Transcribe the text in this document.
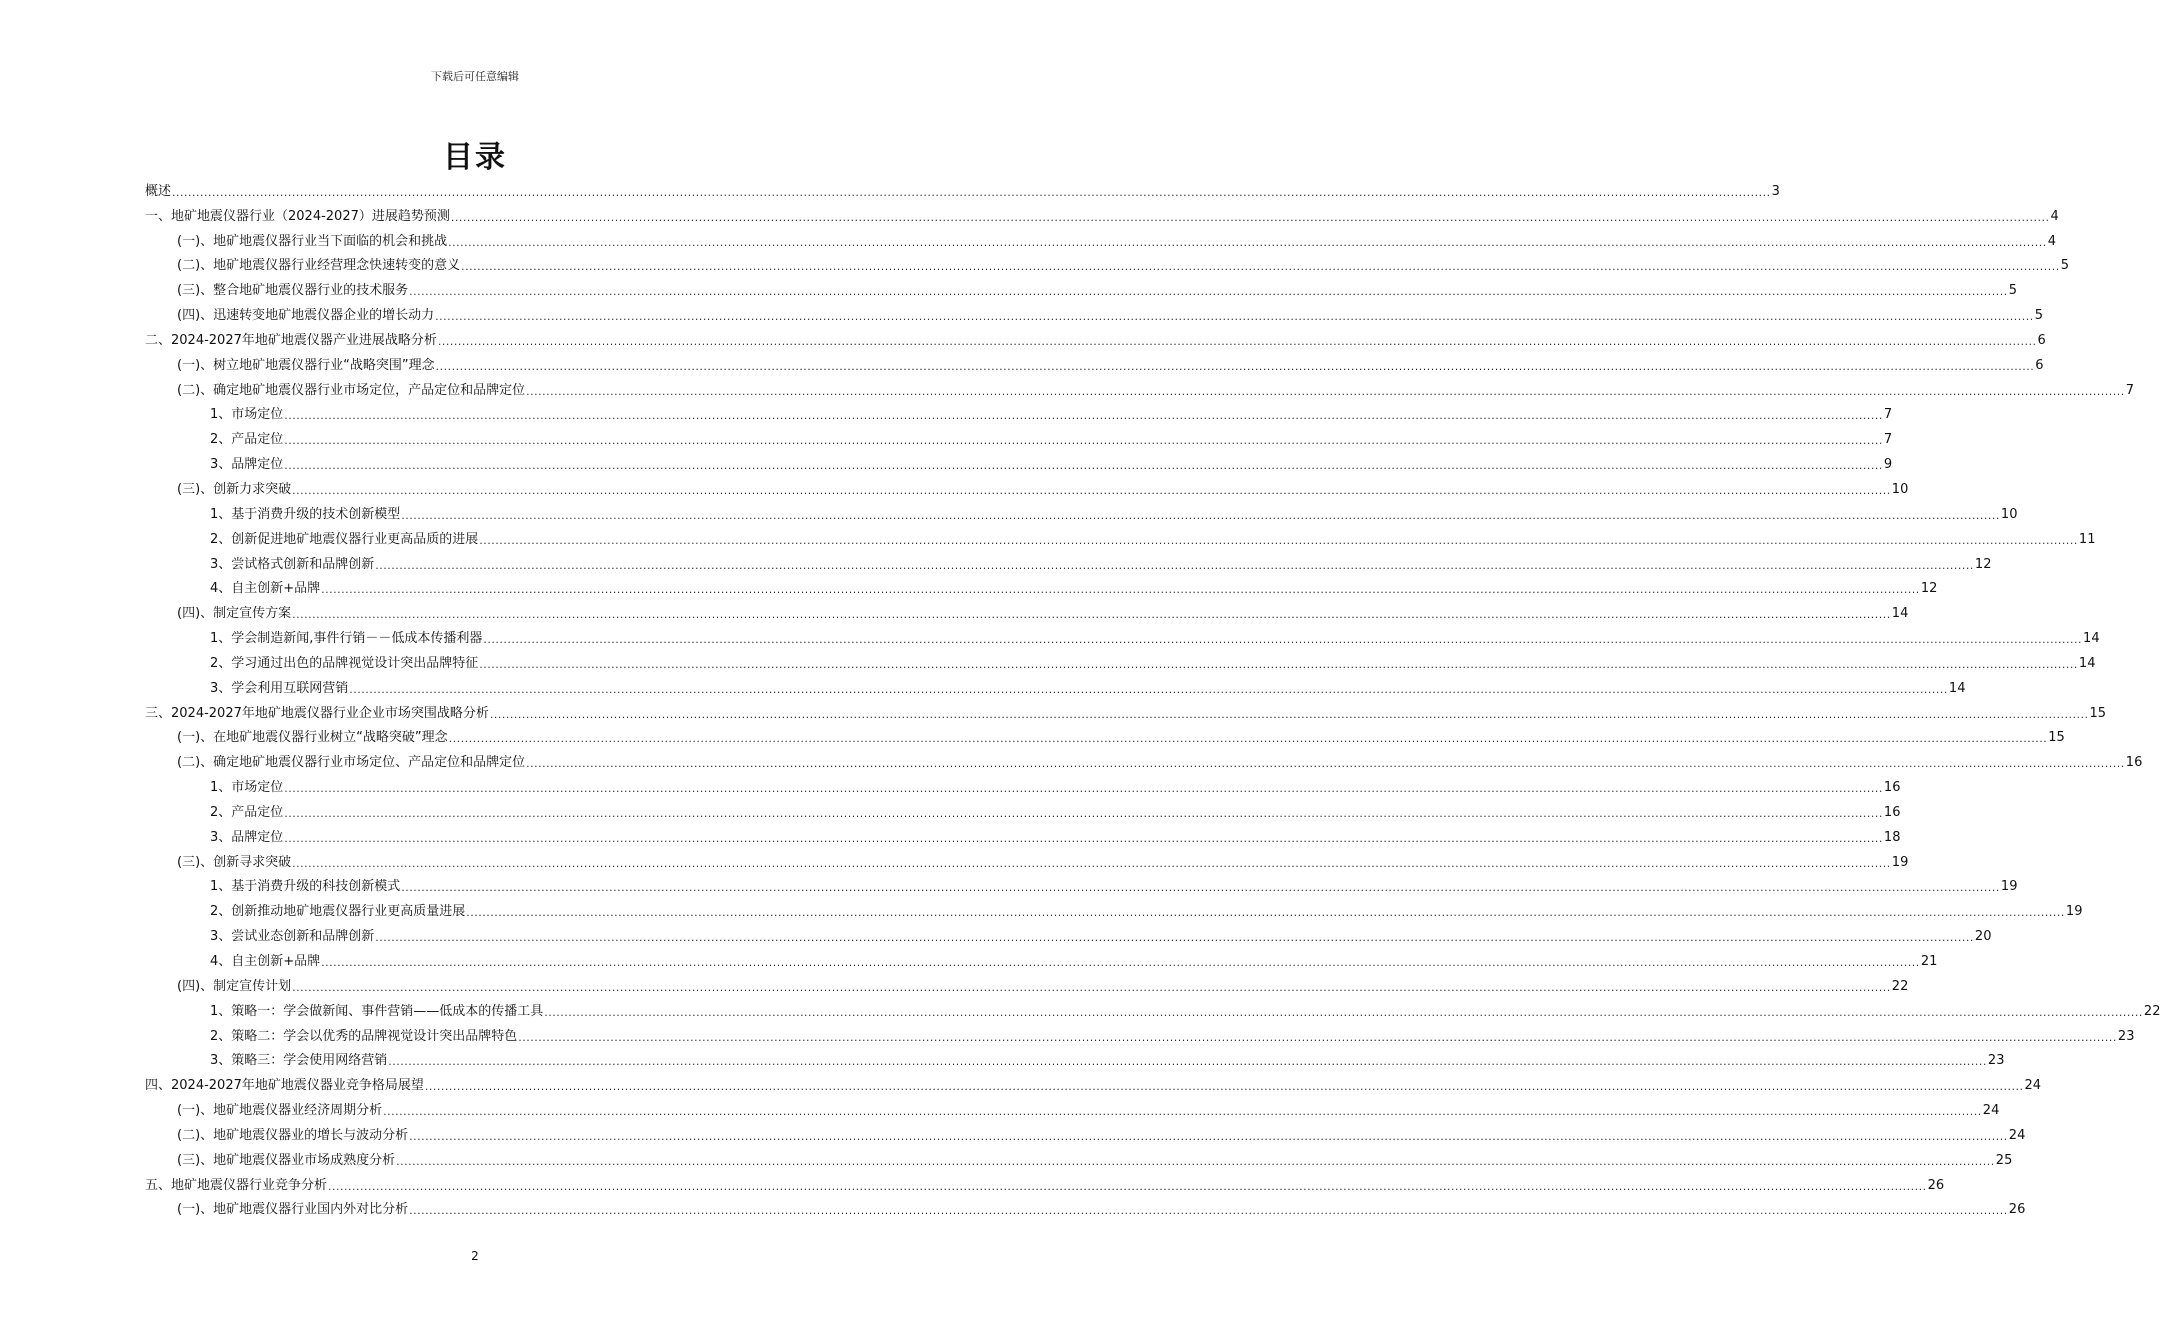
下载后可任意编辑
目录
概述 ................................................................................................................................................................................................................................................................................................................................................................................................................ 3
一、地矿地震仪器行业（2024-2027）进展趋势预测 ................................................................................................................................................................................................................................................................................................................................................................................................................ 4
(一)、地矿地震仪器行业当下面临的机会和挑战 ................................................................................................................................................................................................................................................................................................................................................................................................................ 4
(二)、地矿地震仪器行业经营理念快速转变的意义 ................................................................................................................................................................................................................................................................................................................................................................................................................ 5
(三)、整合地矿地震仪器行业的技术服务 ................................................................................................................................................................................................................................................................................................................................................................................................................ 5
(四)、迅速转变地矿地震仪器企业的增长动力 ................................................................................................................................................................................................................................................................................................................................................................................................................ 5
二、2024-2027年地矿地震仪器产业进展战略分析 ................................................................................................................................................................................................................................................................................................................................................................................................................ 6
(一)、树立地矿地震仪器行业“战略突围”理念 ................................................................................................................................................................................................................................................................................................................................................................................................................ 6
(二)、确定地矿地震仪器行业市场定位，产品定位和品牌定位 ................................................................................................................................................................................................................................................................................................................................................................................................................ 7
1、市场定位 ................................................................................................................................................................................................................................................................................................................................................................................................................ 7
2、产品定位 ................................................................................................................................................................................................................................................................................................................................................................................................................ 7
3、品牌定位 ................................................................................................................................................................................................................................................................................................................................................................................................................ 9
(三)、创新力求突破 ................................................................................................................................................................................................................................................................................................................................................................................................................ 10
1、基于消费升级的技术创新模型 ................................................................................................................................................................................................................................................................................................................................................................................................................ 10
2、创新促进地矿地震仪器行业更高品质的进展 ................................................................................................................................................................................................................................................................................................................................................................................................................ 11
3、尝试格式创新和品牌创新 ................................................................................................................................................................................................................................................................................................................................................................................................................ 12
4、自主创新+品牌 ................................................................................................................................................................................................................................................................................................................................................................................................................ 12
(四)、制定宣传方案 ................................................................................................................................................................................................................................................................................................................................................................................................................ 14
1、学会制造新闻,事件行销－－低成本传播利器 ................................................................................................................................................................................................................................................................................................................................................................................................................ 14
2、学习通过出色的品牌视觉设计突出品牌特征 ................................................................................................................................................................................................................................................................................................................................................................................................................ 14
3、学会利用互联网营销 ................................................................................................................................................................................................................................................................................................................................................................................................................ 14
三、2024-2027年地矿地震仪器行业企业市场突围战略分析 ................................................................................................................................................................................................................................................................................................................................................................................................................ 15
(一)、在地矿地震仪器行业树立“战略突破”理念 ................................................................................................................................................................................................................................................................................................................................................................................................................ 15
(二)、确定地矿地震仪器行业市场定位、产品定位和品牌定位 ................................................................................................................................................................................................................................................................................................................................................................................................................ 16
1、市场定位 ................................................................................................................................................................................................................................................................................................................................................................................................................ 16
2、产品定位 ................................................................................................................................................................................................................................................................................................................................................................................................................ 16
3、品牌定位 ................................................................................................................................................................................................................................................................................................................................................................................................................ 18
(三)、创新寻求突破 ................................................................................................................................................................................................................................................................................................................................................................................................................ 19
1、基于消费升级的科技创新模式 ................................................................................................................................................................................................................................................................................................................................................................................................................ 19
2、创新推动地矿地震仪器行业更高质量进展 ................................................................................................................................................................................................................................................................................................................................................................................................................ 19
3、尝试业态创新和品牌创新 ................................................................................................................................................................................................................................................................................................................................................................................................................ 20
4、自主创新+品牌 ................................................................................................................................................................................................................................................................................................................................................................................................................ 21
(四)、制定宣传计划 ................................................................................................................................................................................................................................................................................................................................................................................................................ 22
1、策略一：学会做新闻、事件营销——低成本的传播工具 ................................................................................................................................................................................................................................................................................................................................................................................................................ 22
2、策略二：学会以优秀的品牌视觉设计突出品牌特色 ................................................................................................................................................................................................................................................................................................................................................................................................................ 23
3、策略三：学会使用网络营销 ................................................................................................................................................................................................................................................................................................................................................................................................................ 23
四、2024-2027年地矿地震仪器业竞争格局展望 ................................................................................................................................................................................................................................................................................................................................................................................................................ 24
(一)、地矿地震仪器业经济周期分析 ................................................................................................................................................................................................................................................................................................................................................................................................................ 24
(二)、地矿地震仪器业的增长与波动分析 ................................................................................................................................................................................................................................................................................................................................................................................................................ 24
(三)、地矿地震仪器业市场成熟度分析 ................................................................................................................................................................................................................................................................................................................................................................................................................ 25
五、地矿地震仪器行业竞争分析 ................................................................................................................................................................................................................................................................................................................................................................................................................ 26
(一)、地矿地震仪器行业国内外对比分析 ................................................................................................................................................................................................................................................................................................................................................................................................................ 26
2
